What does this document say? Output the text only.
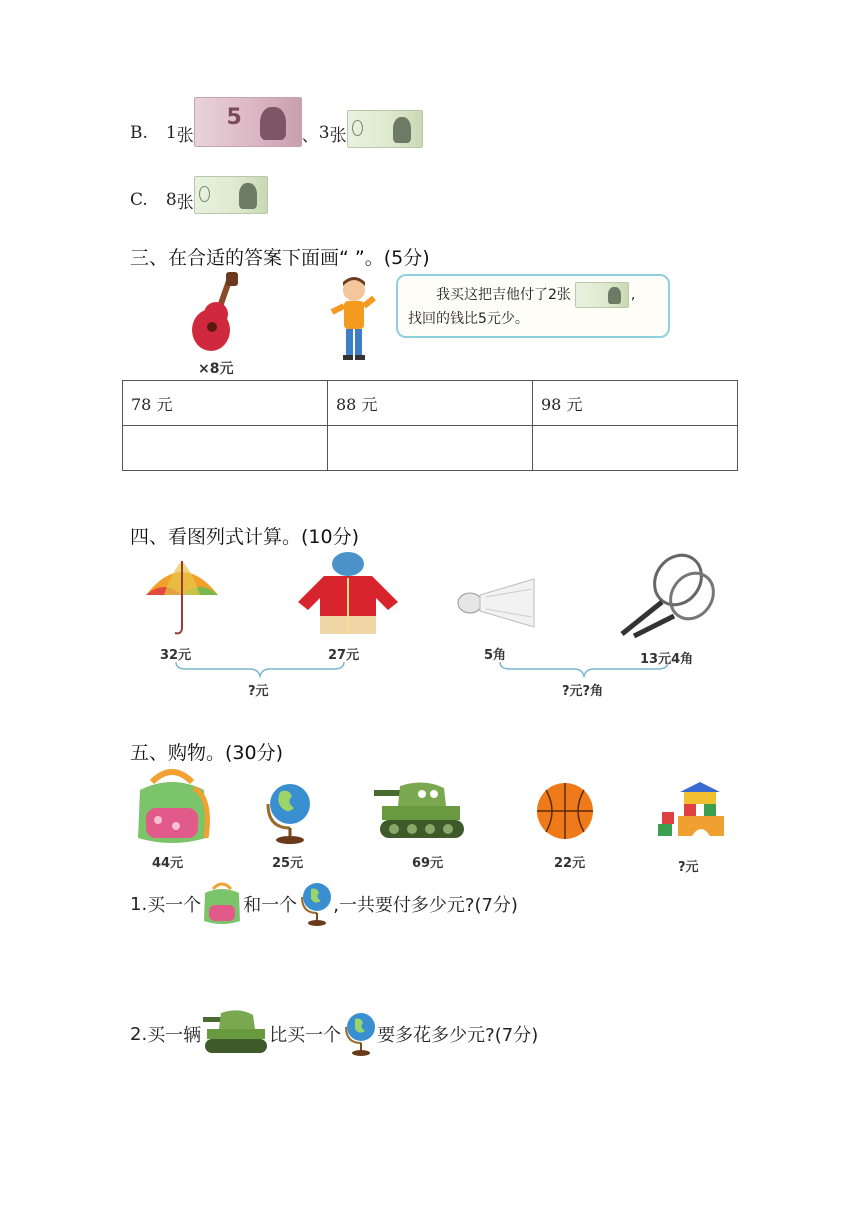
B. 1 张
5
、 3 张
C. 8 张
三、在合适的答案下面画“ ”。(5分)
×8元
我买这把吉他付了2张	,
找回的钱比5元少。
78 元	88 元	98 元

四、看图列式计算。(10分)
32元	27元
?元
5角	13元4角
?元?角
五、购物。(30分)
44元	25元	69元	22元	?元
1. 买一个 和一个 ,一共要付多少元?(7分)
2. 买一辆	比买一个 要多花多少元?(7分)
